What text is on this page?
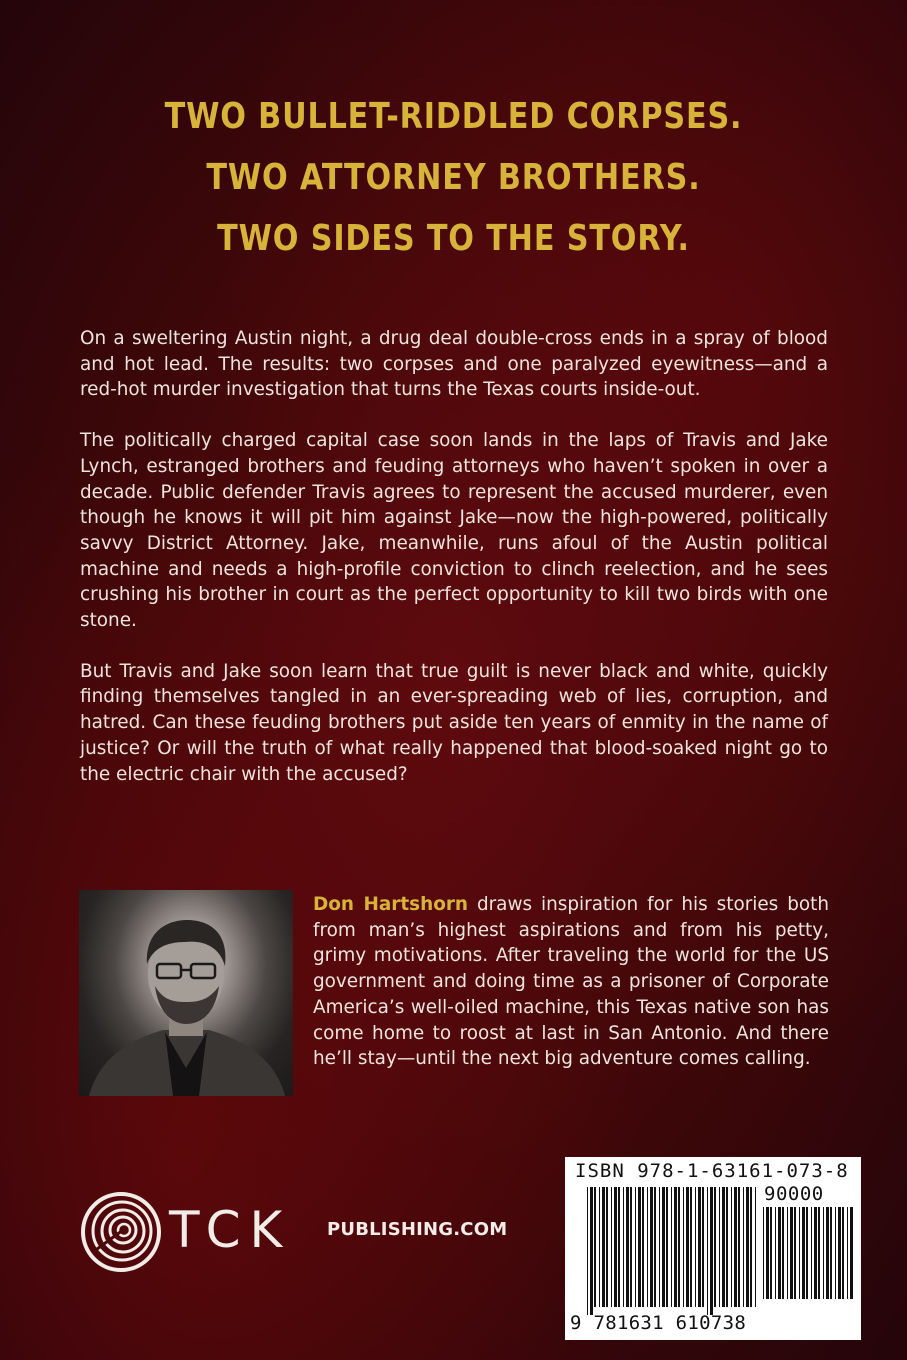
TWO BULLET-RIDDLED CORPSES.
TWO ATTORNEY BROTHERS.
TWO SIDES TO THE STORY.

On a sweltering Austin night, a drug deal double-cross ends in a spray of blood and hot lead. The results: two corpses and one paralyzed eyewitness—and a red-hot murder investigation that turns the Texas courts inside-out.

The politically charged capital case soon lands in the laps of Travis and Jake Lynch, estranged brothers and feuding attorneys who haven’t spoken in over a decade. Public defender Travis agrees to represent the accused murderer, even though he knows it will pit him against Jake—now the high-powered, politically savvy District Attorney. Jake, meanwhile, runs afoul of the Austin political machine and needs a high-profile conviction to clinch reelection, and he sees crushing his brother in court as the perfect opportunity to kill two birds with one stone.

But Travis and Jake soon learn that true guilt is never black and white, quickly finding themselves tangled in an ever-spreading web of lies, corruption, and hatred. Can these feuding brothers put aside ten years of enmity in the name of justice? Or will the truth of what really happened that blood-soaked night go to the electric chair with the accused?

Don Hartshorn draws inspiration for his stories both from man’s highest aspirations and from his petty, grimy motivations. After traveling the world for the US government and doing time as a prisoner of Corporate America’s well-oiled machine, this Texas native son has come home to roost at last in San Antonio. And there he’ll stay—until the next big adventure comes calling.
TCK PUBLISHING.COM
ISBN 978-1-63161-073-8
90000
9 781631 610738
